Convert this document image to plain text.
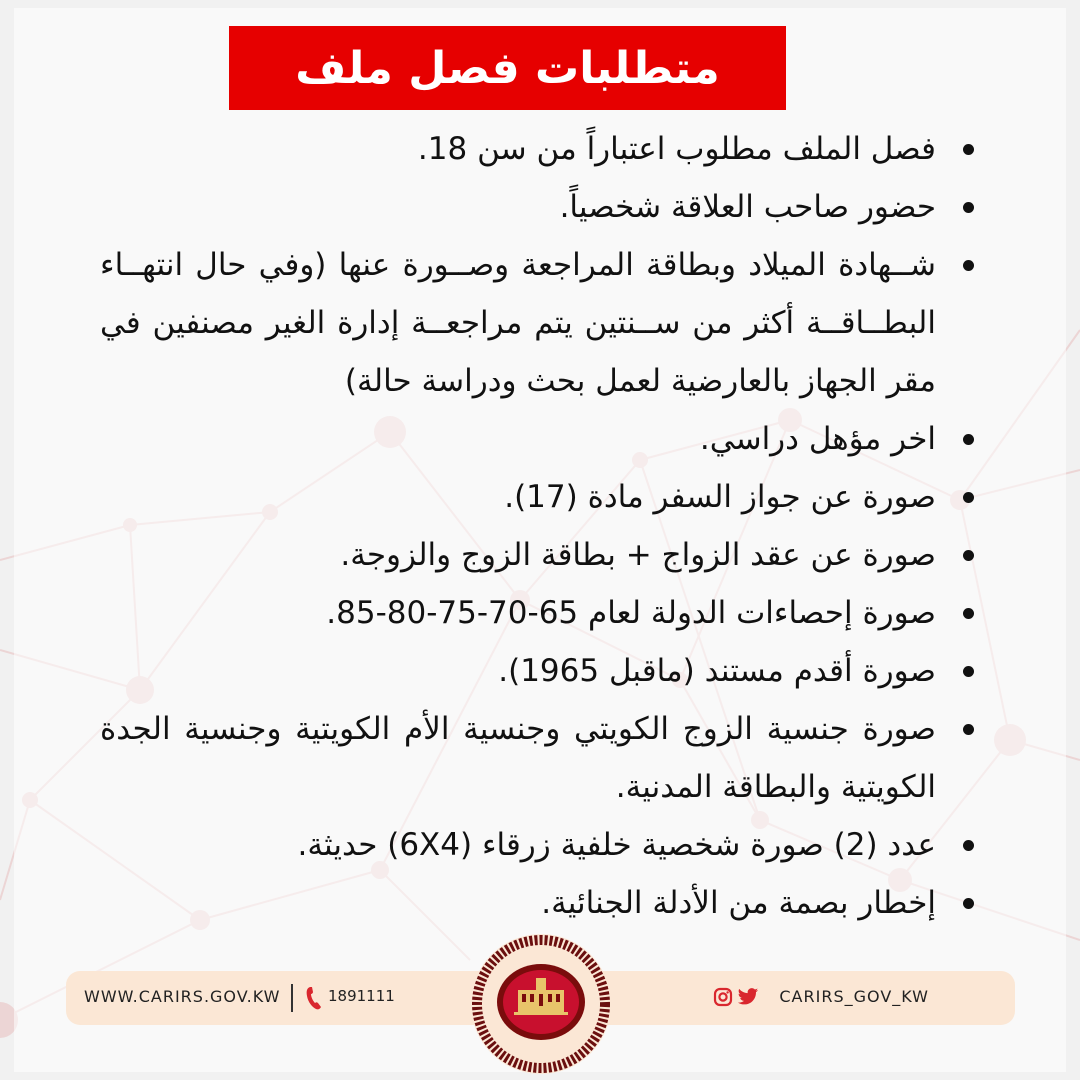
متطلبات فصل ملف
فصل الملف مطلوب اعتباراً من سن 18.
حضور صاحب العلاقة شخصياً.
شــهادة الميلاد وبطاقة المراجعة وصــورة عنها (وفي حال انتهــاء البطــاقــة أكثر من ســنتين يتم مراجعــة إدارة الغير مصنفين في مقر الجهاز بالعارضية لعمل بحث ودراسة حالة)
اخر مؤهل دراسي.
صورة عن جواز السفر مادة (17).
صورة عن عقد الزواج + بطاقة الزوج والزوجة.
صورة إحصاءات الدولة لعام 65-70-75-80-85.
صورة أقدم مستند (ماقبل 1965).
صورة جنسية الزوج الكويتي وجنسية الأم الكويتية وجنسية الجدة الكويتية والبطاقة المدنية.
عدد (2) صورة شخصية خلفية زرقاء (6X4) حديثة.
إخطار بصمة من الأدلة الجنائية.
WWW.CARIRS.GOV.KW	1891111	CARIRS_GOV_KW
